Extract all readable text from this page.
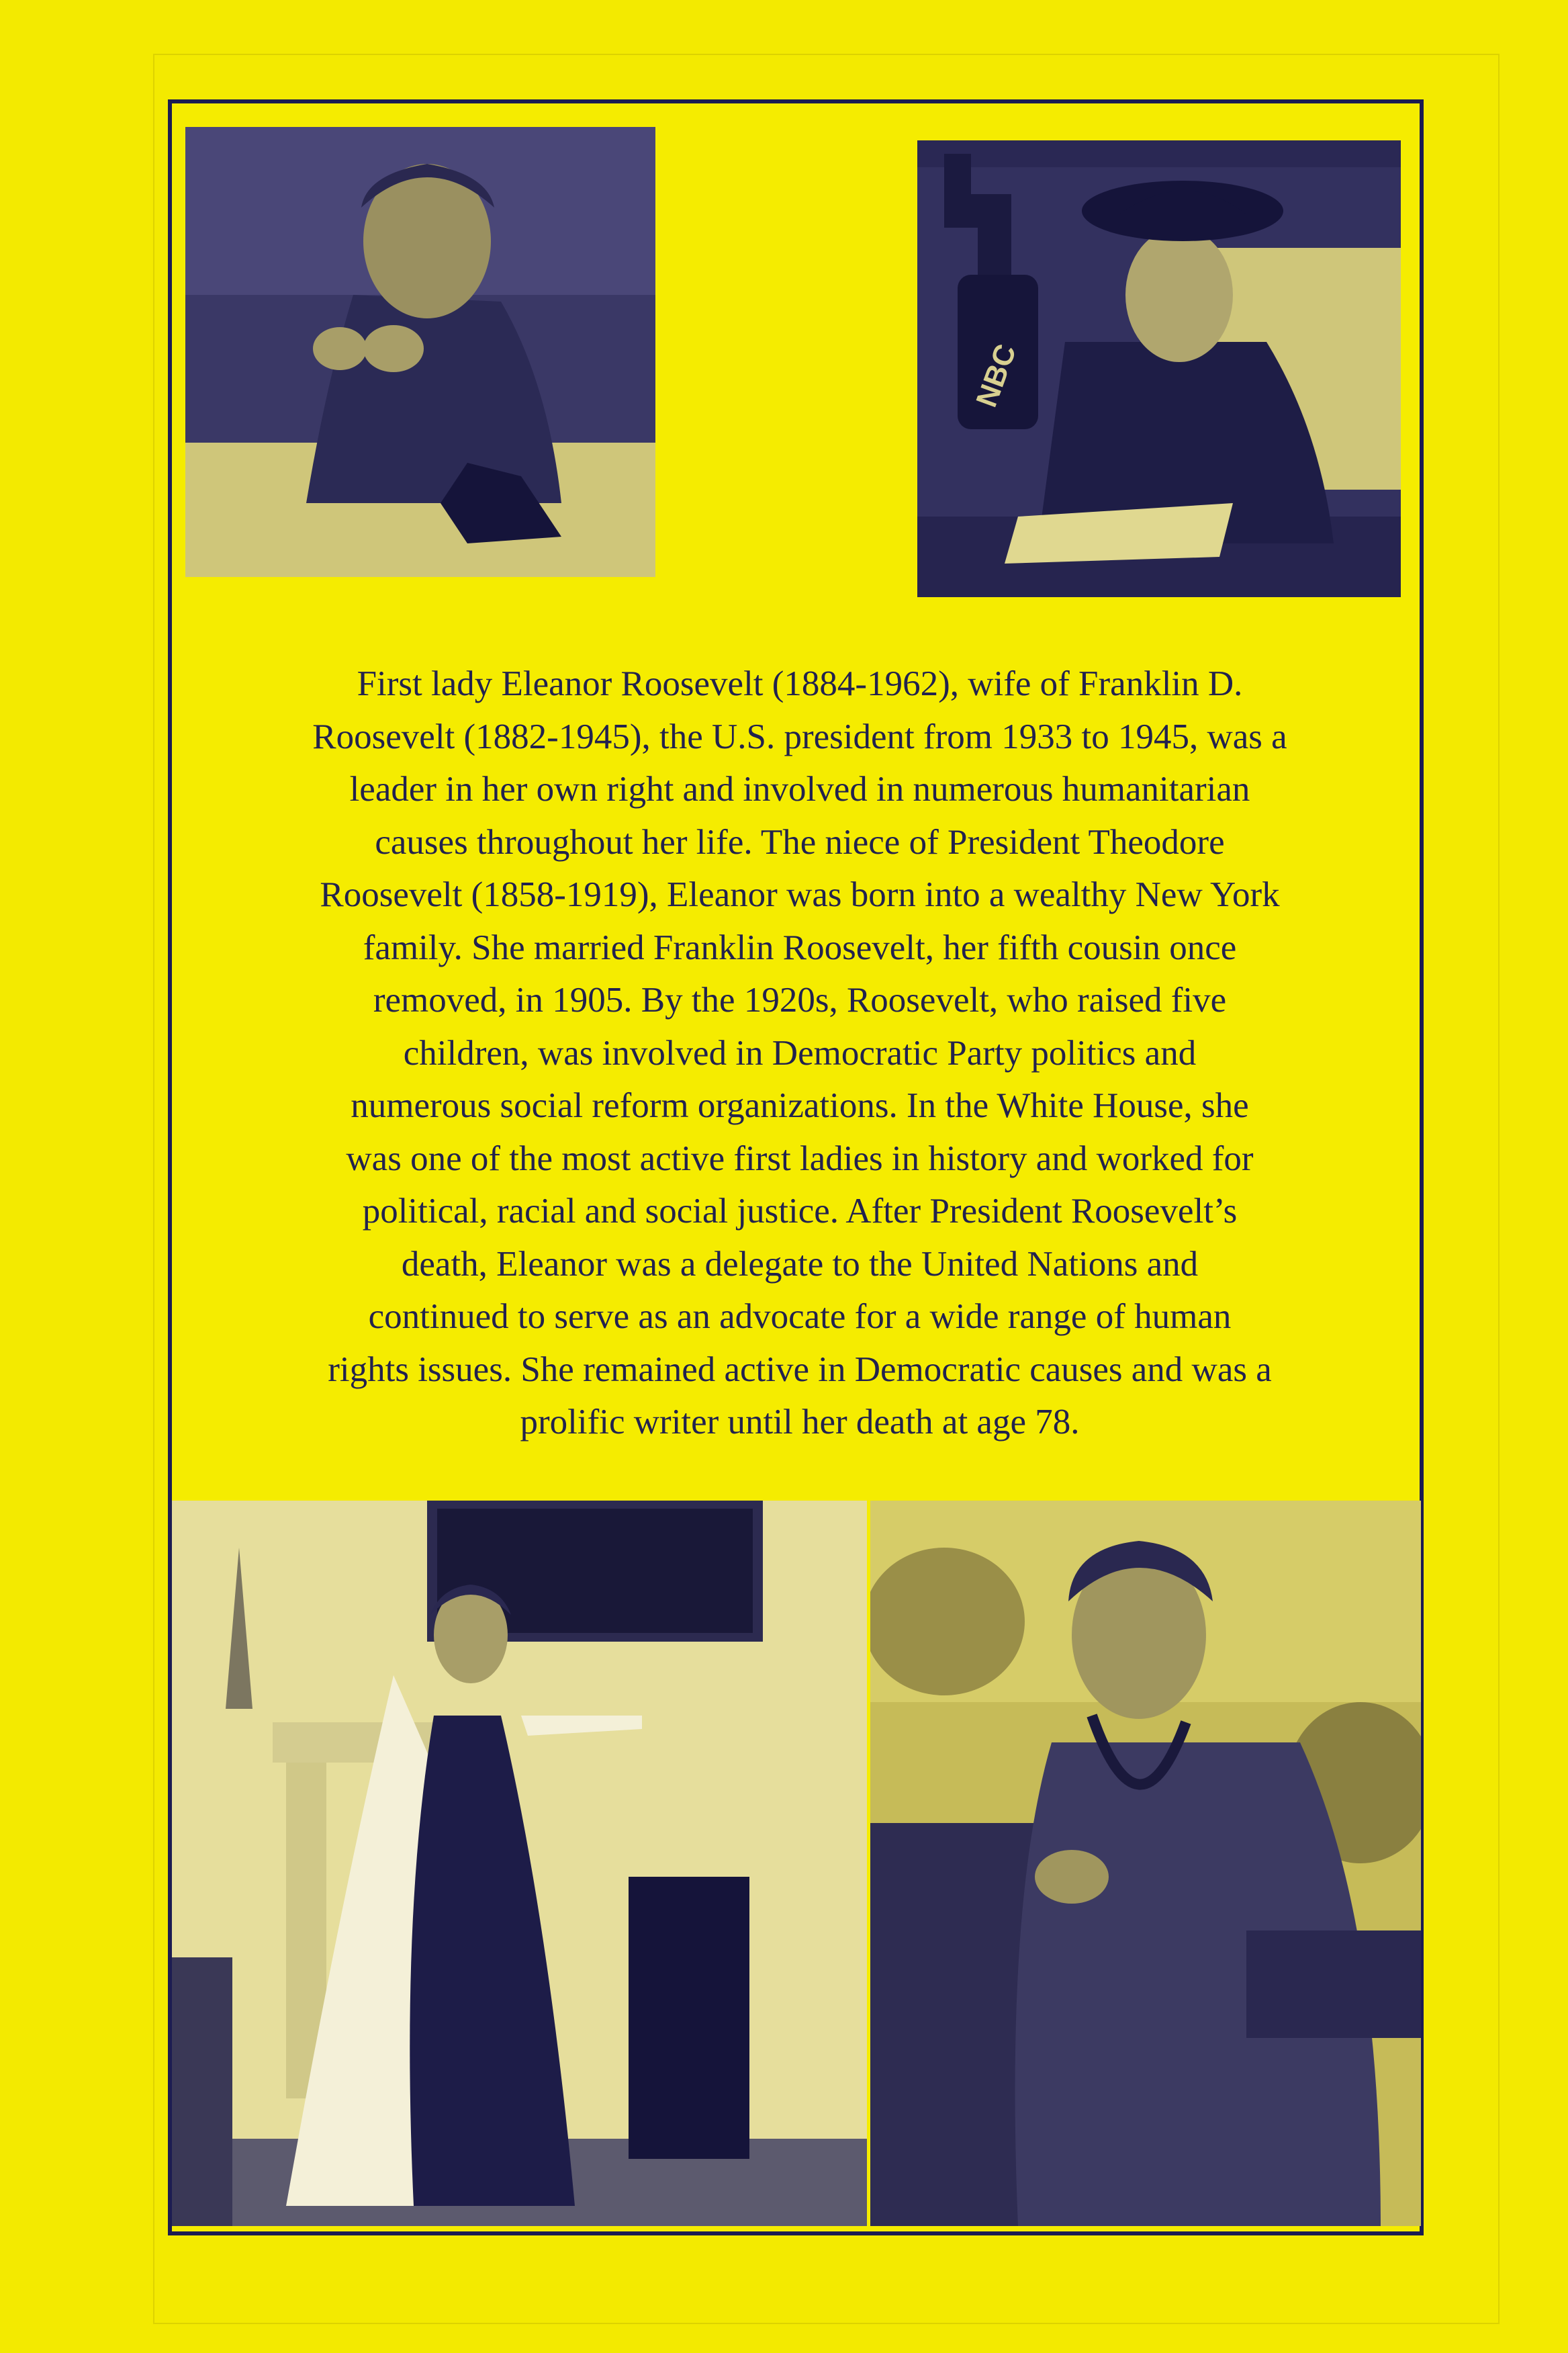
NBC

First lady Eleanor Roosevelt (1884-1962), wife of Franklin D.
Roosevelt (1882-1945), the U.S. president from 1933 to 1945, was a
leader in her own right and involved in numerous humanitarian
causes throughout her life. The niece of President Theodore
Roosevelt (1858-1919), Eleanor was born into a wealthy New York
family. She married Franklin Roosevelt, her fifth cousin once
removed, in 1905. By the 1920s, Roosevelt, who raised five
children, was involved in Democratic Party politics and
numerous social reform organizations. In the White House, she
was one of the most active first ladies in history and worked for
political, racial and social justice. After President Roosevelt’s
death, Eleanor was a delegate to the United Nations and
continued to serve as an advocate for a wide range of human
rights issues. She remained active in Democratic causes and was a
prolific writer until her death at age 78.
